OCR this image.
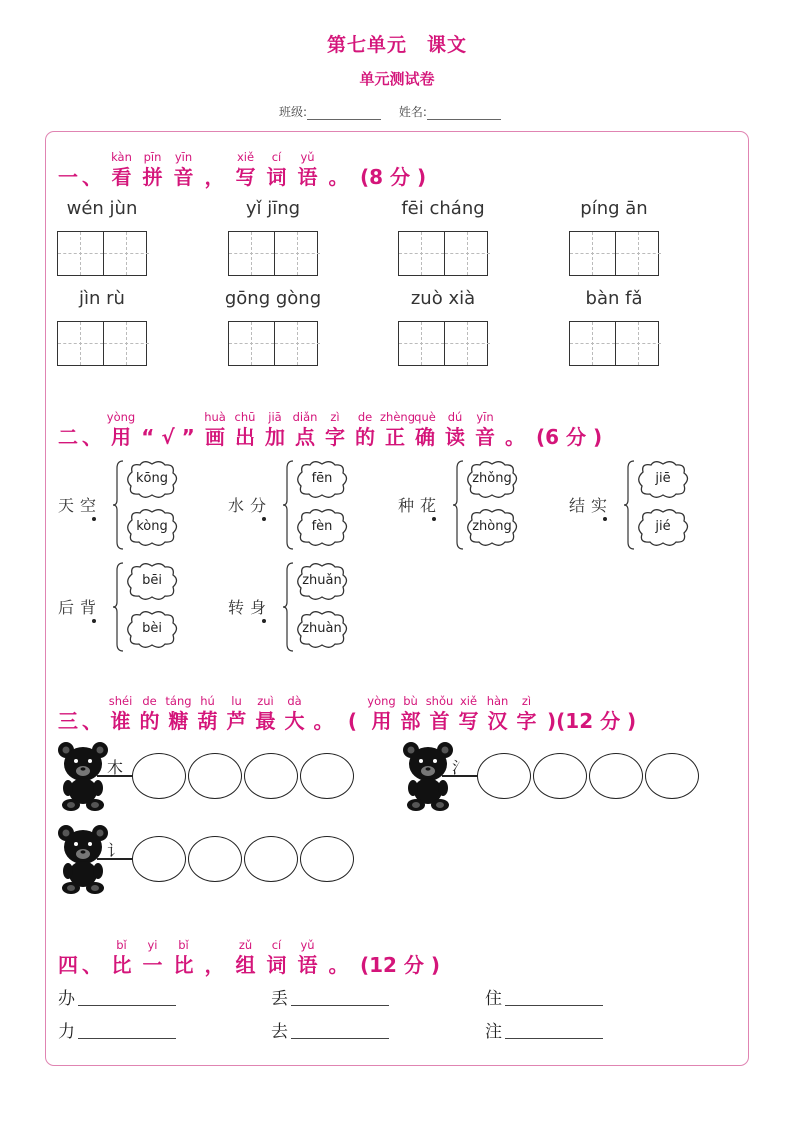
第七单元　课文
单元测试卷
班级:	姓名:
一 、
kàn
看
pīn
拼
yīn
音 ，
xiě
写
cí
词
yǔ
语 。 (8 分 )
二 、
yòng
用 “ √ ”
huà
画
chū
出
jiā
加
diǎn
点
zì
字
de
的
zhèng
正
què
确
dú
读
yīn
音 。 (6 分 )
三 、
shéi
谁
de
的
táng
糖
hú
葫
lu
芦
zuì
最
dà
大 。 (
yòng
用
bù
部
shǒu
首
xiě
写
hàn
汉
zì
字 )(12 分 )
四 、
bǐ
比
yi
一
bǐ
比 ，
zǔ
组
cí
词
yǔ
语 。 (12 分 )
wén jùn	yǐ jīng	fēi cháng	píng ān
jìn rù	gōng gòng	zuò xià	bàn fǎ
天空
kōng
kòng
水分
fēn
fèn
种花
zhǒng
zhòng
结实
jiē
jié
后背
bēi
bèi
转身
zhuǎn
zhuàn
木	氵
讠
办	丢	住
力	去	注
